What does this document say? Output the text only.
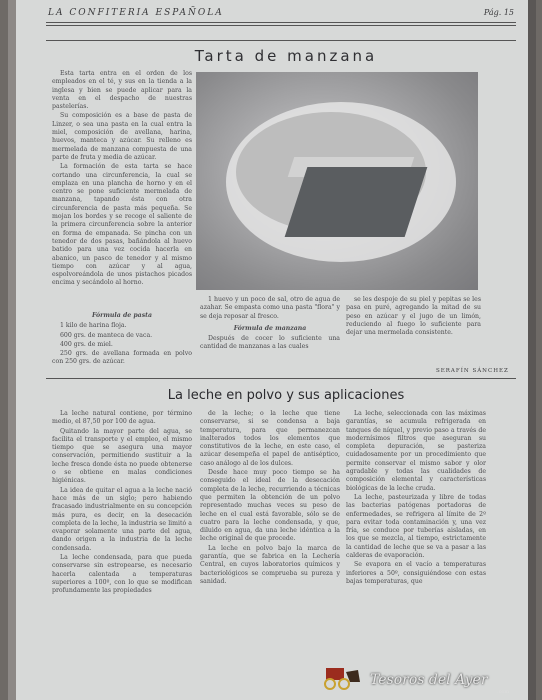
LA CONFITERIA ESPAÑOLA	Pág. 15
Tarta de manzana

Esta tarta entra en el orden de los empleados en el té, y sus en la tienda a la inglesa y bien se puede aplicar para la venta en el despacho de nuestras pastelerías.

Su composición es a base de pasta de Linzer, o sea una pasta en la cual entra la miel, composición de avellana, harina, huevos, manteca y azúcar. Su relleno es mermelada de manzana compuesta de una parte de fruta y media de azúcar.

La formación de esta tarta se hace cortando una circunferencia, la cual se emplaza en una plancha de horno y en el centro se pone suficiente mermelada de manzana, tapando ésta con otra circunferencia de pasta más pequeña. Se mojan los bordes y se recoge el saliente de la primera circunferencia sobre la anterior en forma de empanada. Se pincha con un tenedor de dos pasas, bañándola al huevo batido para una vez cocida hacerla en abanico, un pasco de tenedor y al mismo tiempo con azúcar y al agua, espolvoreándola de unos pistachos picados encima y secándolo al horno.

Fórmula de pasta

1 kilo de harina floja.

600 grs. de manteca de vaca.

400 grs. de miel.

250 grs. de avellana formada en polvo con 250 grs. de azúcar.

1 huevo y un poco de sal, otro de agua de azahar. Se empasta como una pasta "flora" y se deja reposar al fresco.

Fórmula de manzana

Después de cocer lo suficiente una cantidad de manzanas a las cuales

se les despoje de su piel y pepitas se les pasa en puré, agregando la mitad de su peso en azúcar y el jugo de un limón, reduciendo al fuego lo suficiente para dejar una mermelada consistente.

SERAFÍN SÁNCHEZ
La leche en polvo y sus aplicaciones

La leche natural contiene, por término medio, el 87,50 por 100 de agua.

Quitando la mayor parte del agua, se facilita el transporte y el empleo, el mismo tiempo que se asegura una mayor conservación, permitiendo sustituir a la leche fresca donde ésta no puede obtenerse o se obtiene en malas condiciones higiénicas.

La idea de quitar el agua a la leche nació hace más de un siglo; pero habiendo fracasado industrialmente en su concepción más pura, es decir, en la desecación completa de la leche, la industria se limitó a evaporar solamente una parte del agua, dando origen a la industria de la leche condensada.

La leche condensada, para que pueda conservarse sin estropearse, es necesario hacerla calentada a temperaturas superiores a 100º, con lo que se modifican profundamente las propiedades

de la leche; o la leche que tiene conservarse, si se condensa a baja temperatura, para que permanezcan inalterados todos los elementos que constitutivos de la leche, en este caso, el azúcar desempeña el papel de antiséptico, caso análogo al de los dulces.

Desde hace muy poco tiempo se ha conseguido el ideal de la desecación completa de la leche, recurriendo a técnicas que permiten la obtención de un polvo representado muchas veces su peso de leche en el cual está favorable, sólo se de cuatro para la leche condensada, y que, diluido en agua, da una leche idéntica a la leche original de que procede.

La leche en polvo bajo la marca de garantía, que se fabrica en la Lechería Central, en cuyos laboratorios químicos y bacteriológicos se comprueba su pureza y sanidad.

La leche, seleccionada con las máximas garantías, se acumula refrigerada en tanques de níquel, y previo paso a través de modernísimos filtros que aseguran su completa depuración, se pasteriza cuidadosamente por un procedimiento que permite conservar el mismo sabor y olor agradable y todas las cualidades de composición elemental y características biológicas de la leche cruda.

La leche, pasteurizada y libre de todas las bacterias patógenas portadoras de enfermedades, se refrigera al límite de 2º para evitar toda contaminación y, una vez fría, se conduce por tuberías aisladas, en los que se mezcla, al tiempo, estrictamente la cantidad de leche que se va a pasar a las calderas de evaporación.

Se evapora en el vacío a temperaturas inferiores a 50º, consiguiéndose con estas bajas temperaturas, que

Tesoros del Ayer
.com
